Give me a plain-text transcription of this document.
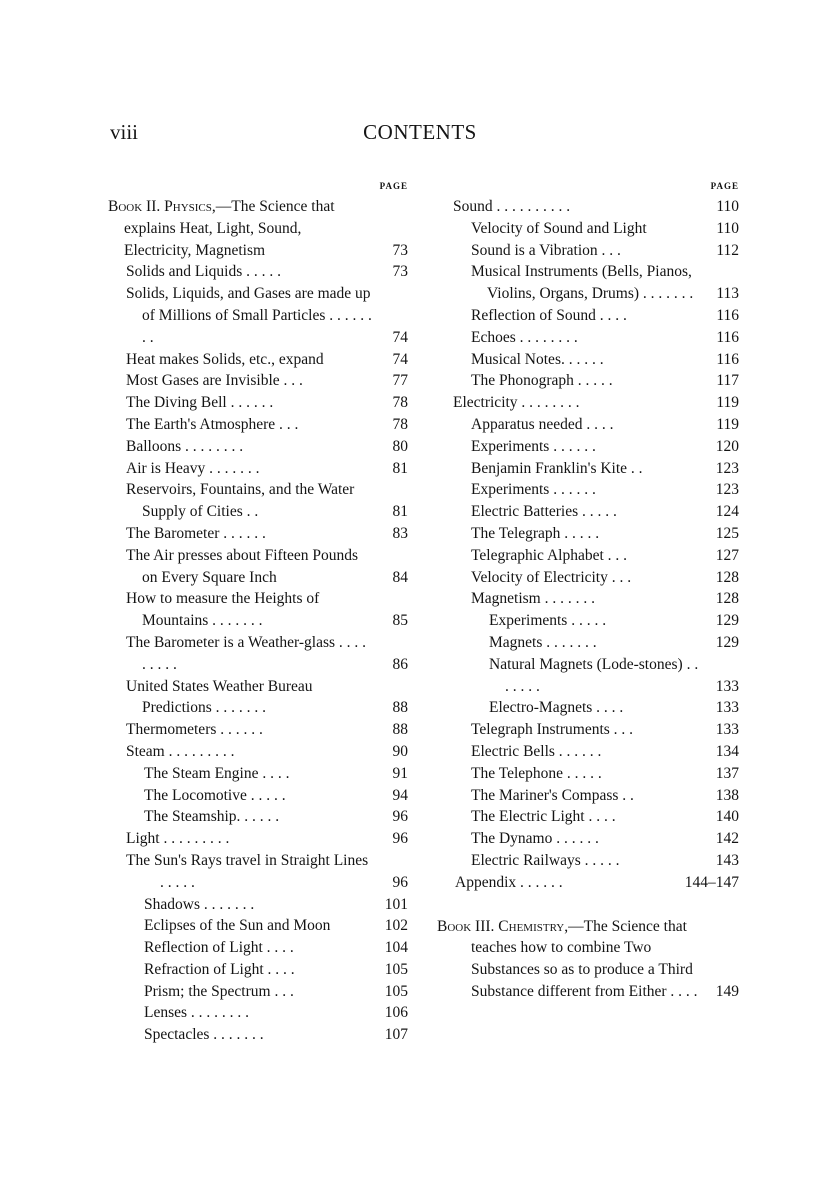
viii	CONTENTS
PAGE
Book II. Physics,—The Science that explains Heat, Light, Sound, Electricity, Magnetism	73
Solids and Liquids . . . . .	73
Solids, Liquids, and Gases are made up of Millions of Small Particles . . . . . . . .	74
Heat makes Solids, etc., expand	74
Most Gases are Invisible . . .	77
The Diving Bell . . . . . .	78
The Earth's Atmosphere . . .	78
Balloons . . . . . . . .	80
Air is Heavy . . . . . . .	81
Reservoirs, Fountains, and the Water Supply of Cities . .	81
The Barometer . . . . . .	83
The Air presses about Fifteen Pounds on Every Square Inch	84
How to measure the Heights of Mountains . . . . . . .	85
The Barometer is a Weather-glass . . . . . . . . .	86
United States Weather Bureau Predictions . . . . . . .	88
Thermometers . . . . . .	88
Steam . . . . . . . . .	90
The Steam Engine . . . .	91
The Locomotive . . . . .	94
The Steamship. . . . . .	96
Light . . . . . . . . .	96
The Sun's Rays travel in Straight Lines . . . . .	96
Shadows . . . . . . .	101
Eclipses of the Sun and Moon	102
Reflection of Light . . . .	104
Refraction of Light . . . .	105
Prism; the Spectrum . . .	105
Lenses . . . . . . . .	106
Spectacles . . . . . . .	107
PAGE
Sound . . . . . . . . . .	110
Velocity of Sound and Light	110
Sound is a Vibration . . .	112
Musical Instruments (Bells, Pianos, Violins, Organs, Drums) . . . . . . .	113
Reflection of Sound . . . .	116
Echoes . . . . . . . .	116
Musical Notes. . . . . .	116
The Phonograph . . . . .	117
Electricity . . . . . . . .	119
Apparatus needed . . . .	119
Experiments . . . . . .	120
Benjamin Franklin's Kite . .	123
Experiments . . . . . .	123
Electric Batteries . . . . .	124
The Telegraph . . . . .	125
Telegraphic Alphabet . . .	127
Velocity of Electricity . . .	128
Magnetism . . . . . . .	128
Experiments . . . . .	129
Magnets . . . . . . .	129
Natural Magnets (Lode-stones) . . . . . . .	133
Electro-Magnets . . . .	133
Telegraph Instruments . . .	133
Electric Bells . . . . . .	134
The Telephone . . . . .	137
The Mariner's Compass . .	138
The Electric Light . . . .	140
The Dynamo . . . . . .	142
Electric Railways . . . . .	143
Appendix . . . . . .	144–147
Book III. Chemistry,—The Science that teaches how to combine Two Substances so as to produce a Third Substance different from Either . . . .	149
